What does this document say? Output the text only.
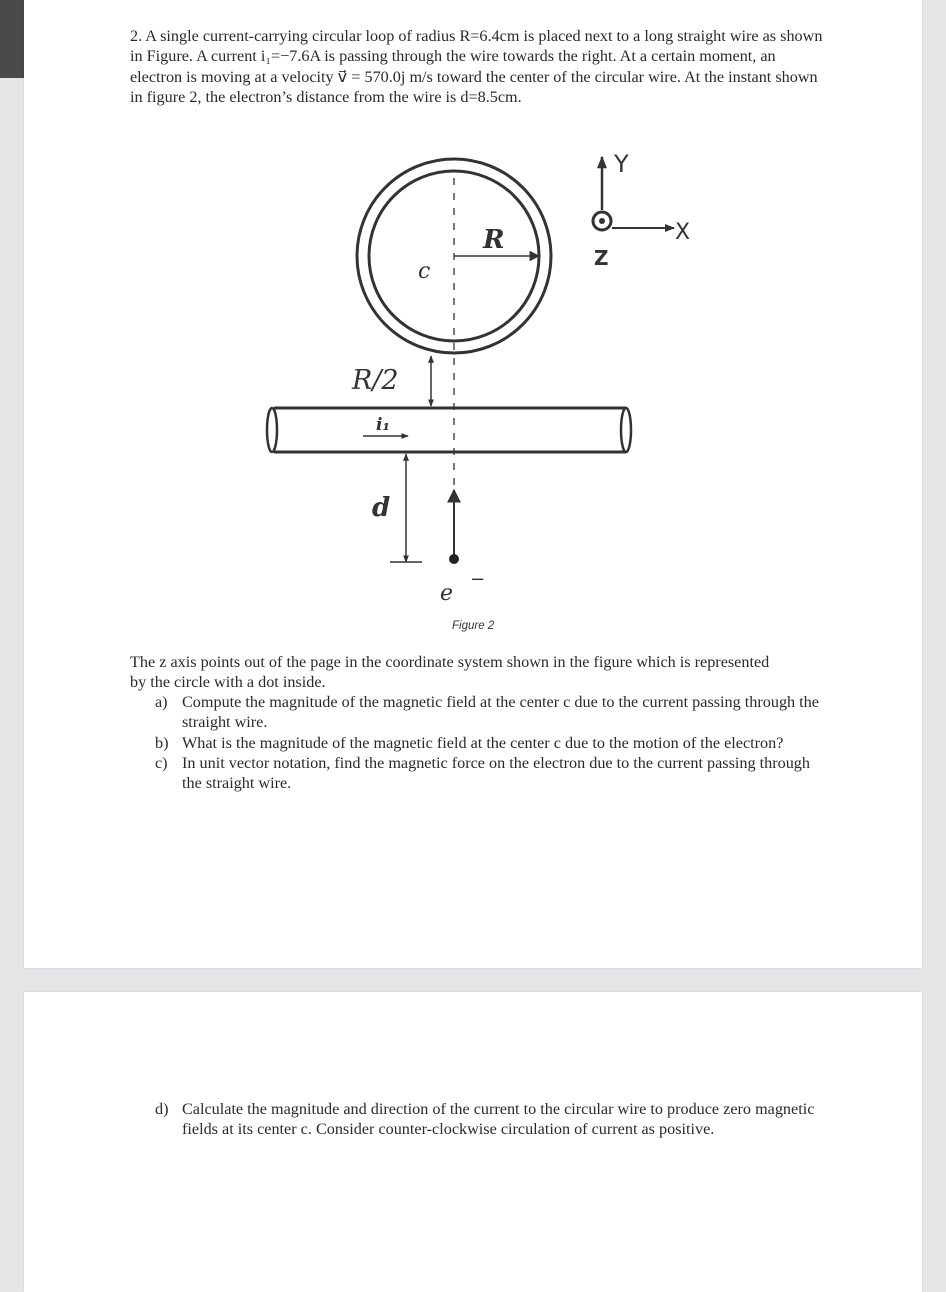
2. A single current-carrying circular loop of radius R=6.4cm is placed next to a long straight wire as shown in Figure. A current i₁=−7.6A is passing through the wire towards the right. At a certain moment, an electron is moving at a velocity v⃗ = 570.0j m/s toward the center of the circular wire. At the instant shown in figure 2, the electron’s distance from the wire is d=8.5cm.

R
c
R/2
i₁
d
e
−
Y
X
Z
Figure 2

The z axis points out of the page in the coordinate system shown in the figure which is represented by the circle with a dot inside.

a) Compute the magnitude of the magnetic field at the center c due to the current passing through the straight wire.
b) What is the magnitude of the magnetic field at the center c due to the motion of the electron?
c) In unit vector notation, find the magnetic force on the electron due to the current passing through the straight wire.
d) Calculate the magnitude and direction of the current to the circular wire to produce zero magnetic fields at its center c. Consider counter-clockwise circulation of current as positive.
